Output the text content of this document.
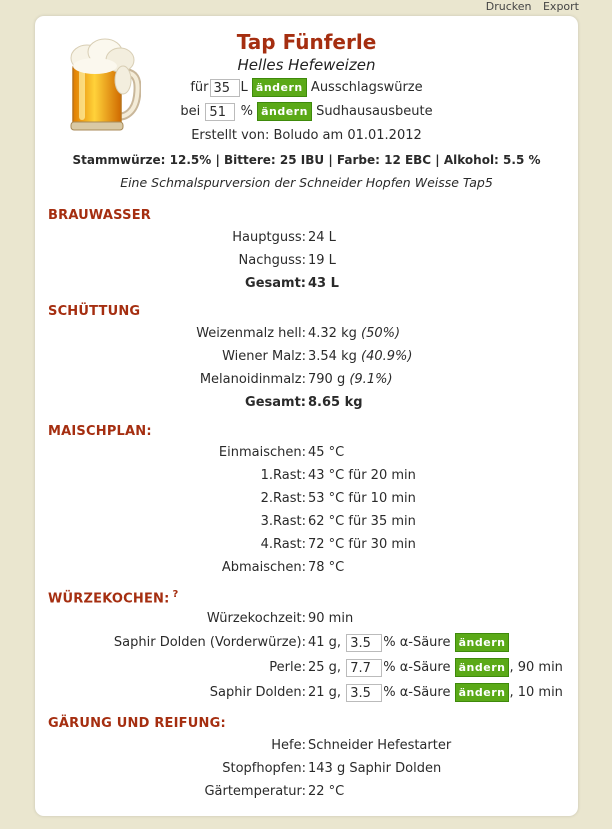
Drucken Export
Tap Fünferle
Helles Hefeweizen
für 35 L ändern Ausschlagswürze
bei 51 % ändern Sudhausausbeute
Erstellt von: Boludo am 01.01.2012
Stammwürze: 12.5% | Bittere: 25 IBU | Farbe: 12 EBC | Alkohol: 5.5 %
Eine Schmalspurversion der Schneider Hopfen Weisse Tap5
BRAUWASSER
Hauptguss: 24 L
Nachguss: 19 L
Gesamt: 43 L
SCHÜTTUNG
Weizenmalz hell: 4.32 kg (50%)
Wiener Malz: 3.54 kg (40.9%)
Melanoidinmalz: 790 g (9.1%)
Gesamt: 8.65 kg
MAISCHPLAN:
Einmaischen: 45 °C
1.Rast: 43 °C für 20 min
2.Rast: 53 °C für 10 min
3.Rast: 62 °C für 35 min
4.Rast: 72 °C für 30 min
Abmaischen: 78 °C
WÜRZEKOCHEN: ?
Würzekochzeit: 90 min
Saphir Dolden (Vorderwürze): 41 g, 3.5 % α-Säure ändern
Perle: 25 g, 7.7 % α-Säure ändern , 90 min
Saphir Dolden: 21 g, 3.5 % α-Säure ändern , 10 min
GÄRUNG UND REIFUNG:
Hefe: Schneider Hefestarter
Stopfhopfen: 143 g Saphir Dolden
Gärtemperatur: 22 °C
